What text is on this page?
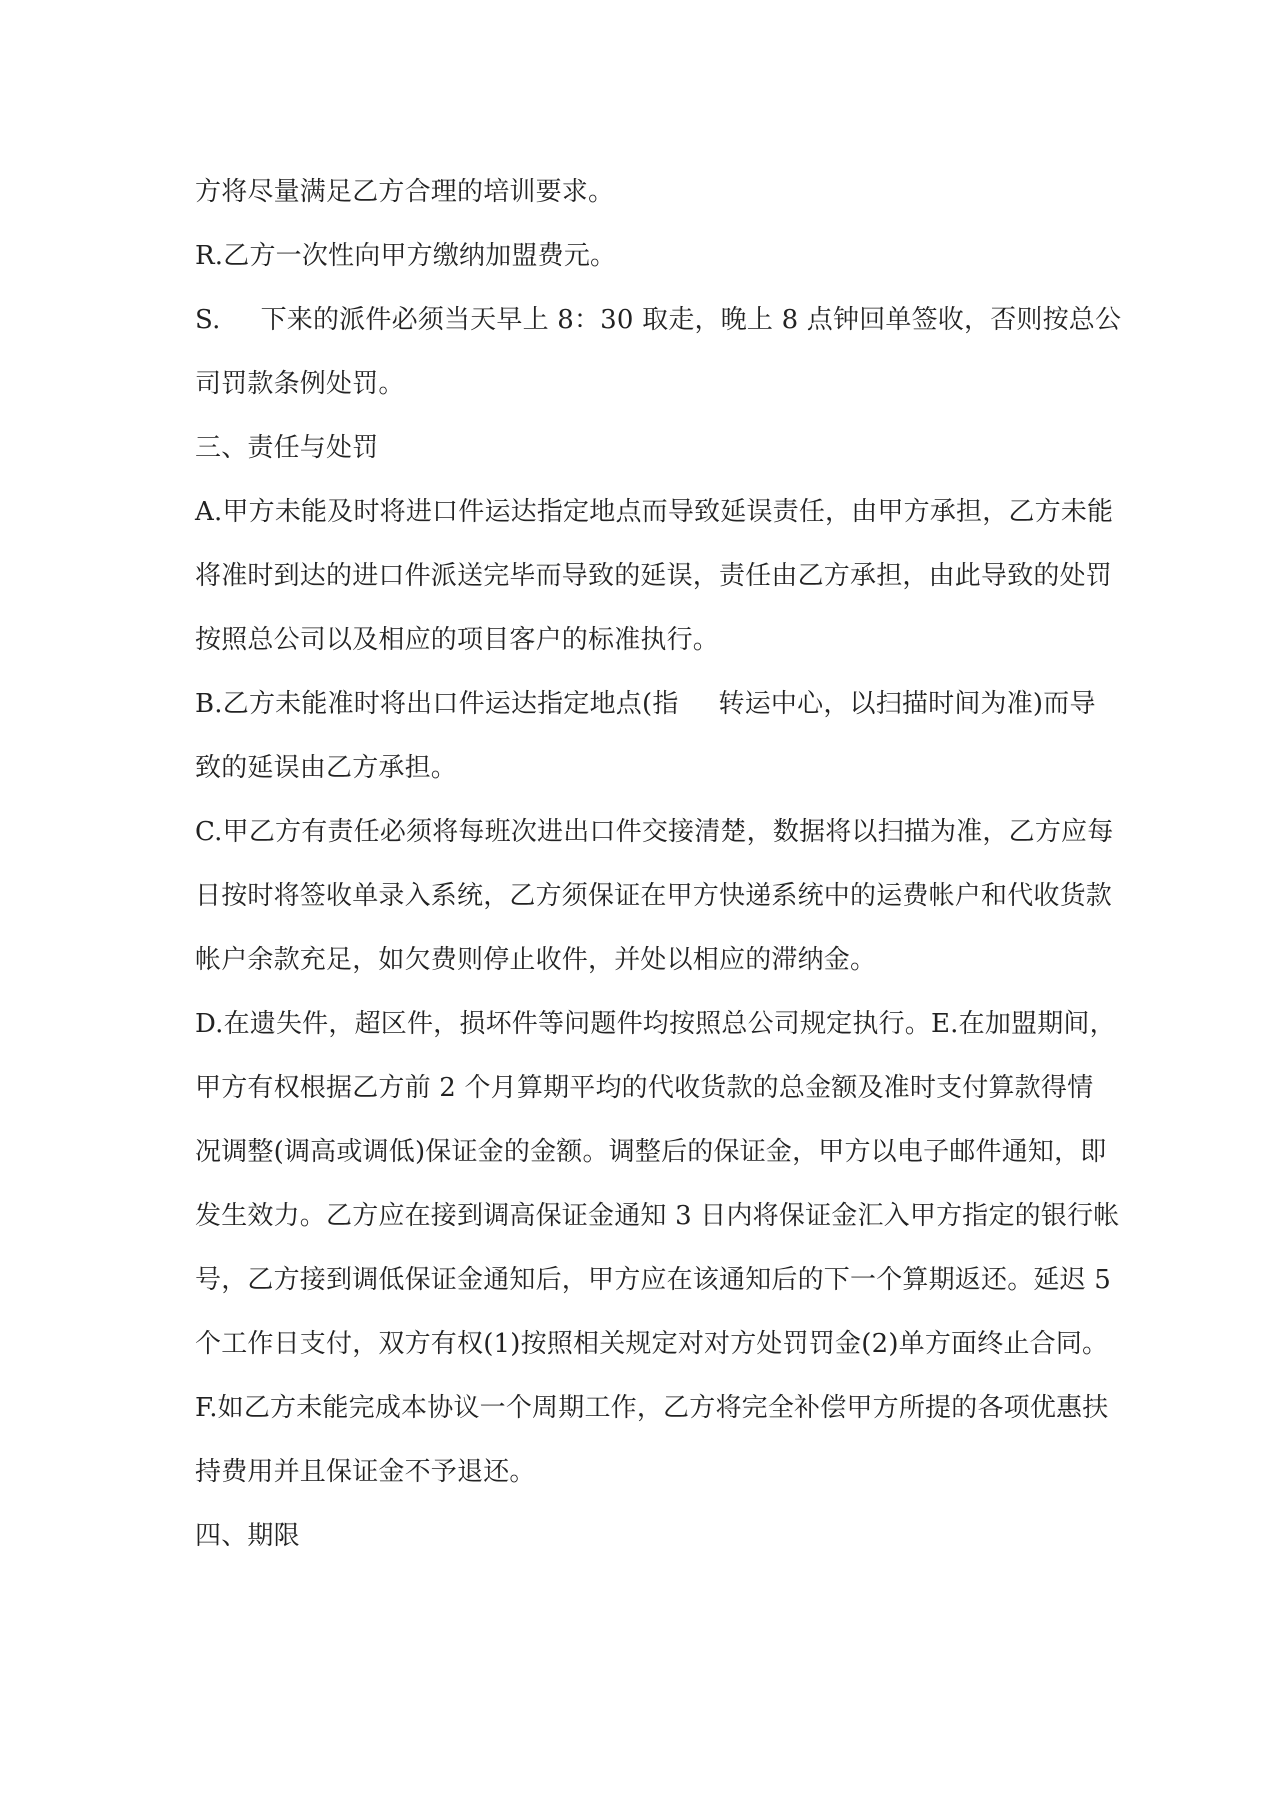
方将尽量满足乙方合理的培训要求。
R.乙方一次性向甲方缴纳加盟费元。
S. 下来的派件必须当天早上 8：30 取走，晚上 8 点钟回单签收，否则按总公
司罚款条例处罚。
三、责任与处罚
A.甲方未能及时将进口件运达指定地点而导致延误责任，由甲方承担，乙方未能
将准时到达的进口件派送完毕而导致的延误，责任由乙方承担，由此导致的处罚
按照总公司以及相应的项目客户的标准执行。
B.乙方未能准时将出口件运达指定地点(指 转运中心，以扫描时间为准)而导
致的延误由乙方承担。
C.甲乙方有责任必须将每班次进出口件交接清楚，数据将以扫描为准，乙方应每
日按时将签收单录入系统，乙方须保证在甲方快递系统中的运费帐户和代收货款
帐户余款充足，如欠费则停止收件，并处以相应的滞纳金。
D.在遗失件，超区件，损坏件等问题件均按照总公司规定执行。E.在加盟期间，
甲方有权根据乙方前 2 个月算期平均的代收货款的总金额及准时支付算款得情
况调整(调高或调低)保证金的金额。调整后的保证金，甲方以电子邮件通知，即
发生效力。乙方应在接到调高保证金通知 3 日内将保证金汇入甲方指定的银行帐
号，乙方接到调低保证金通知后，甲方应在该通知后的下一个算期返还。延迟 5
个工作日支付，双方有权(1)按照相关规定对对方处罚罚金(2)单方面终止合同。
F.如乙方未能完成本协议一个周期工作，乙方将完全补偿甲方所提的各项优惠扶
持费用并且保证金不予退还。
四、期限
